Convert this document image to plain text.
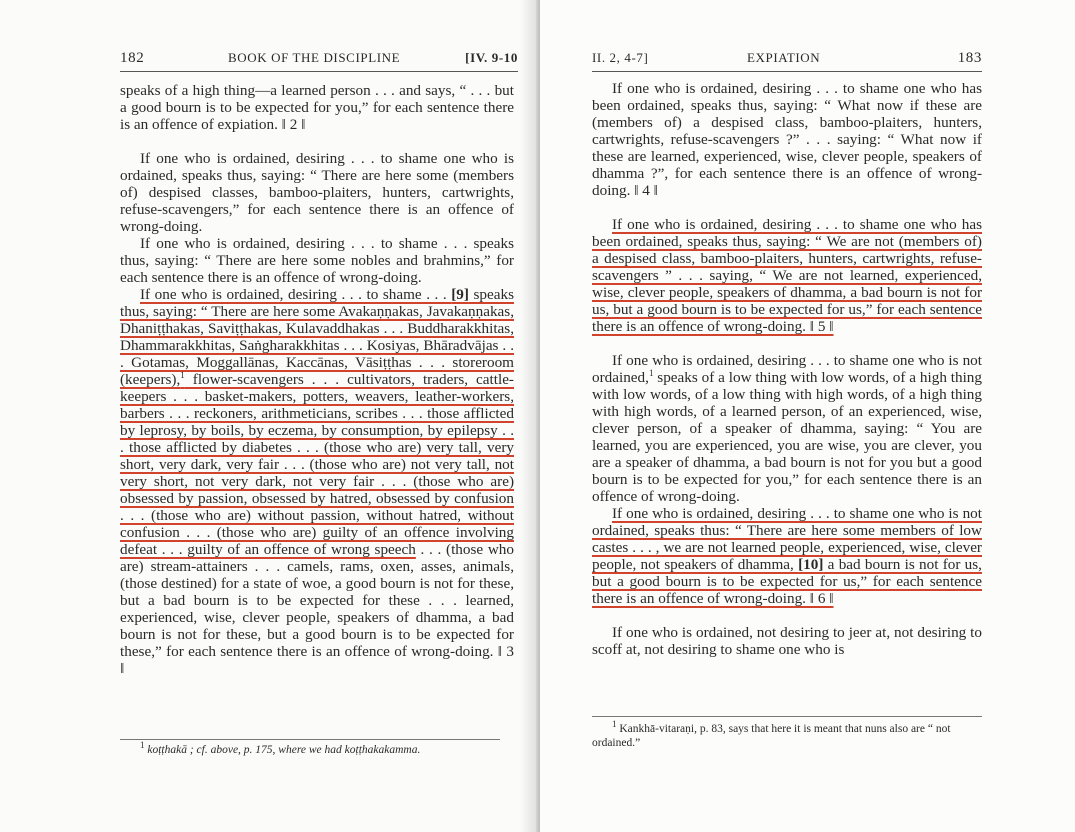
182	BOOK OF THE DISCIPLINE	[IV. 9-10

speaks of a high thing—a learned person . . . and says, “ . . . but a good bourn is to be expected for you,” for each sentence there is an offence of expiation. ‖ 2 ‖

If one who is ordained, desiring . . . to shame one who is ordained, speaks thus, saying: “ There are here some (members of) despised classes, bamboo-plaiters, hunters, cartwrights, refuse-scavengers,” for each sentence there is an offence of wrong-doing.

If one who is ordained, desiring . . . to shame . . . speaks thus, saying: “ There are here some nobles and brahmins,” for each sentence there is an offence of wrong-doing.

If one who is ordained, desiring . . . to shame . . . [9] speaks thus, saying: “ There are here some Avakaṇṇakas, Javakaṇṇakas, Dhaniṭṭhakas, Saviṭṭhakas, Kulavaddhakas . . . Buddharakkhitas, Dhammarakkhitas, Saṅgharakkhitas . . . Kosiyas, Bhāradvājas . . . Gotamas, Moggallānas, Kaccānas, Vāsiṭṭhas . . . storeroom (keepers),$^1$ flower-scavengers . . . cultivators, traders, cattle-keepers . . . basket-makers, potters, weavers, leather-workers, barbers . . . reckoners, arithmeticians, scribes . . . those afflicted by leprosy, by boils, by eczema, by consumption, by epilepsy . . . those afflicted by diabetes . . . (those who are) very tall, very short, very dark, very fair . . . (those who are) not very tall, not very short, not very dark, not very fair . . . (those who are) obsessed by passion, obsessed by hatred, obsessed by confusion . . . (those who are) without passion, without hatred, without confusion . . . (those who are) guilty of an offence involving defeat . . . guilty of an offence of wrong speech . . . (those who are) stream-attainers . . . camels, rams, oxen, asses, animals, (those destined) for a state of woe, a good bourn is not for these, but a bad bourn is to be expected for these . . . learned, experienced, wise, clever people, speakers of dhamma, a bad bourn is not for these, but a good bourn is to be expected for these,” for each sentence there is an offence of wrong-doing. ‖ 3 ‖

$^1$ koṭṭhakā ; cf. above, p. 175, where we had koṭṭhakakamma.
II. 2, 4-7]	EXPIATION	183

If one who is ordained, desiring . . . to shame one who has been ordained, speaks thus, saying: “ What now if these are (members of) a despised class, bamboo-plaiters, hunters, cartwrights, refuse-scavengers ?” . . . saying: “ What now if these are learned, experienced, wise, clever people, speakers of dhamma ?”, for each sentence there is an offence of wrong-doing. ‖ 4 ‖

If one who is ordained, desiring . . . to shame one who has been ordained, speaks thus, saying: “ We are not (members of) a despised class, bamboo-plaiters, hunters, cartwrights, refuse-scavengers ” . . . saying, “ We are not learned, experienced, wise, clever people, speakers of dhamma, a bad bourn is not for us, but a good bourn is to be expected for us,” for each sentence there is an offence of wrong-doing. ‖ 5 ‖

If one who is ordained, desiring . . . to shame one who is not ordained,$^1$ speaks of a low thing with low words, of a high thing with low words, of a low thing with high words, of a high thing with high words, of a learned person, of an experienced, wise, clever person, of a speaker of dhamma, saying: “ You are learned, you are experienced, you are wise, you are clever, you are a speaker of dhamma, a bad bourn is not for you but a good bourn is to be expected for you,” for each sentence there is an offence of wrong-doing.

If one who is ordained, desiring . . . to shame one who is not ordained, speaks thus: “ There are here some members of low castes . . . , we are not learned people, experienced, wise, clever people, not speakers of dhamma, [10] a bad bourn is not for us, but a good bourn is to be expected for us,” for each sentence there is an offence of wrong-doing. ‖ 6 ‖

If one who is ordained, not desiring to jeer at, not desiring to scoff at, not desiring to shame one who is

$^1$ Kankhā-vitaraṇi, p. 83, says that here it is meant that nuns also are “ not ordained.”
